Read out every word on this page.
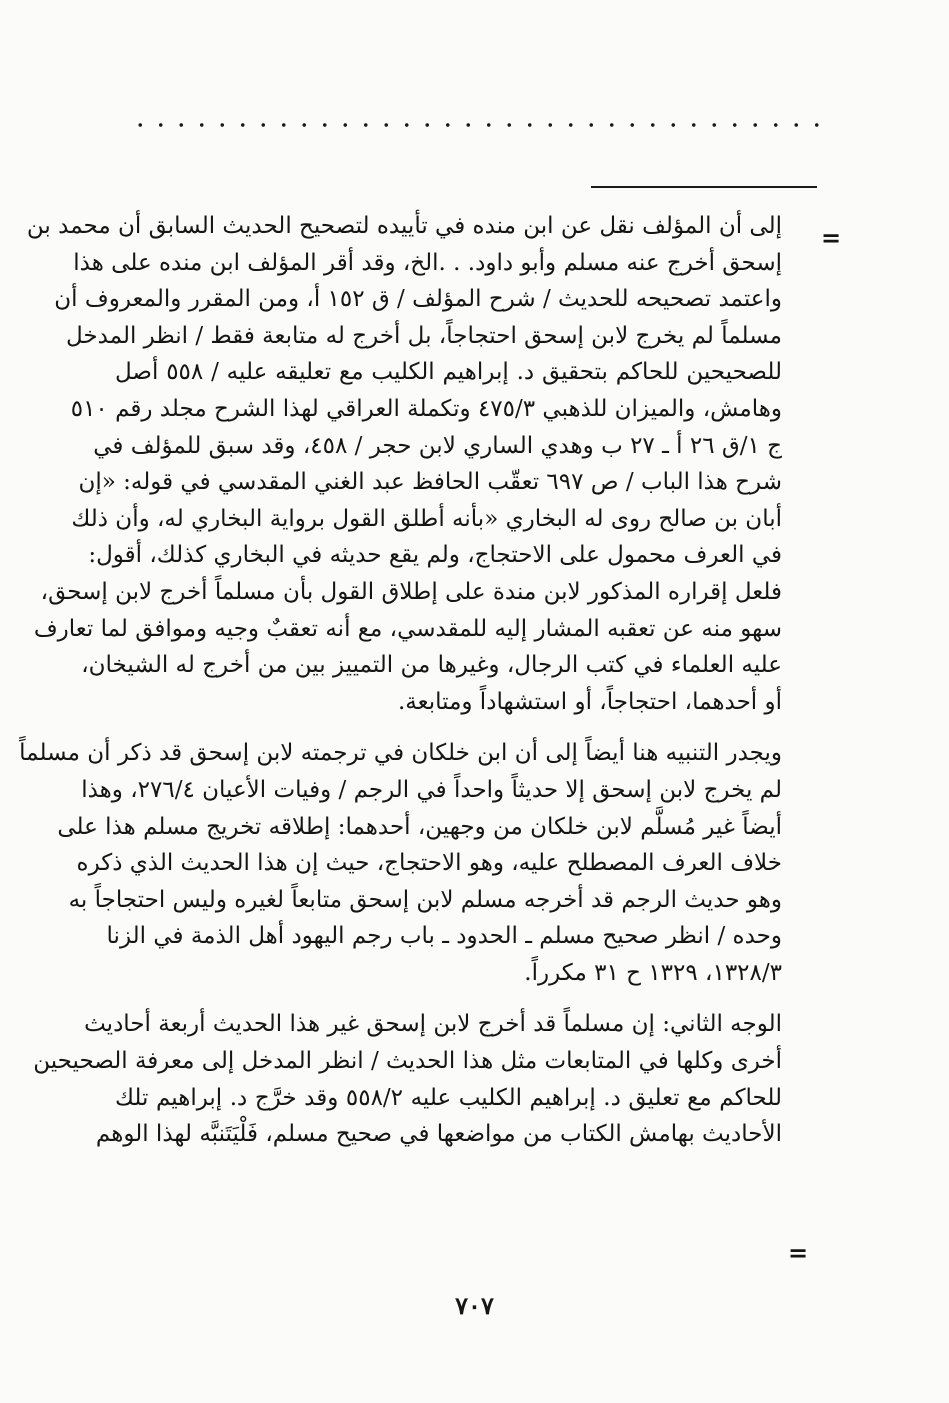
=
إلى أن المؤلف نقل عن ابن منده في تأييده لتصحيح الحديث السابق أن محمد بن
إسحق أخرج عنه مسلم وأبو داود. . .الخ، وقد أقر المؤلف ابن منده على هذا
واعتمد تصحيحه للحديث / شرح المؤلف / ق ١٥٢ أ، ومن المقرر والمعروف أن
مسلماً لم يخرج لابن إسحق احتجاجاً، بل أخرج له متابعة فقط / انظر المدخل
للصحيحين للحاكم بتحقيق د. إبراهيم الكليب مع تعليقه عليه / ٥٥٨ أصل
وهامش، والميزان للذهبي ٤٧٥/٣ وتكملة العراقي لهذا الشرح مجلد رقم ٥١٠
ج ١/ق ٢٦ أ ـ ٢٧ ب وهدي الساري لابن حجر / ٤٥٨، وقد سبق للمؤلف في
شرح هذا الباب / ص ٦٩٧ تعقّب الحافظ عبد الغني المقدسي في قوله: «إن
أبان بن صالح روى له البخاري «بأنه أطلق القول برواية البخاري له، وأن ذلك
في العرف محمول على الاحتجاج، ولم يقع حديثه في البخاري كذلك، أقول:
فلعل إقراره المذكور لابن مندة على إطلاق القول بأن مسلماً أخرج لابن إسحق،
سهو منه عن تعقبه المشار إليه للمقدسي، مع أنه تعقبٌ وجيه وموافق لما تعارف
عليه العلماء في كتب الرجال، وغيرها من التمييز بين من أخرج له الشيخان،
أو أحدهما، احتجاجاً، أو استشهاداً ومتابعة.
ويجدر التنبيه هنا أيضاً إلى أن ابن خلكان في ترجمته لابن إسحق قد ذكر أن مسلماً
لم يخرج لابن إسحق إلا حديثاً واحداً في الرجم / وفيات الأعيان ٢٧٦/٤، وهذا
أيضاً غير مُسلَّم لابن خلكان من وجهين، أحدهما: إطلاقه تخريج مسلم هذا على
خلاف العرف المصطلح عليه، وهو الاحتجاج، حيث إن هذا الحديث الذي ذكره
وهو حديث الرجم قد أخرجه مسلم لابن إسحق متابعاً لغيره وليس احتجاجاً به
وحده / انظر صحيح مسلم ـ الحدود ـ باب رجم اليهود أهل الذمة في الزنا
١٣٢٨/٣، ١٣٢٩ ح ٣١ مكرراً.
الوجه الثاني: إن مسلماً قد أخرج لابن إسحق غير هذا الحديث أربعة أحاديث
أخرى وكلها في المتابعات مثل هذا الحديث / انظر المدخل إلى معرفة الصحيحين
للحاكم مع تعليق د. إبراهيم الكليب عليه ٥٥٨/٢ وقد خرَّج د. إبراهيم تلك
الأحاديث بهامش الكتاب من مواضعها في صحيح مسلم، فَلْيَتَنبَّه لهذا الوهم
=
٧٠٧
